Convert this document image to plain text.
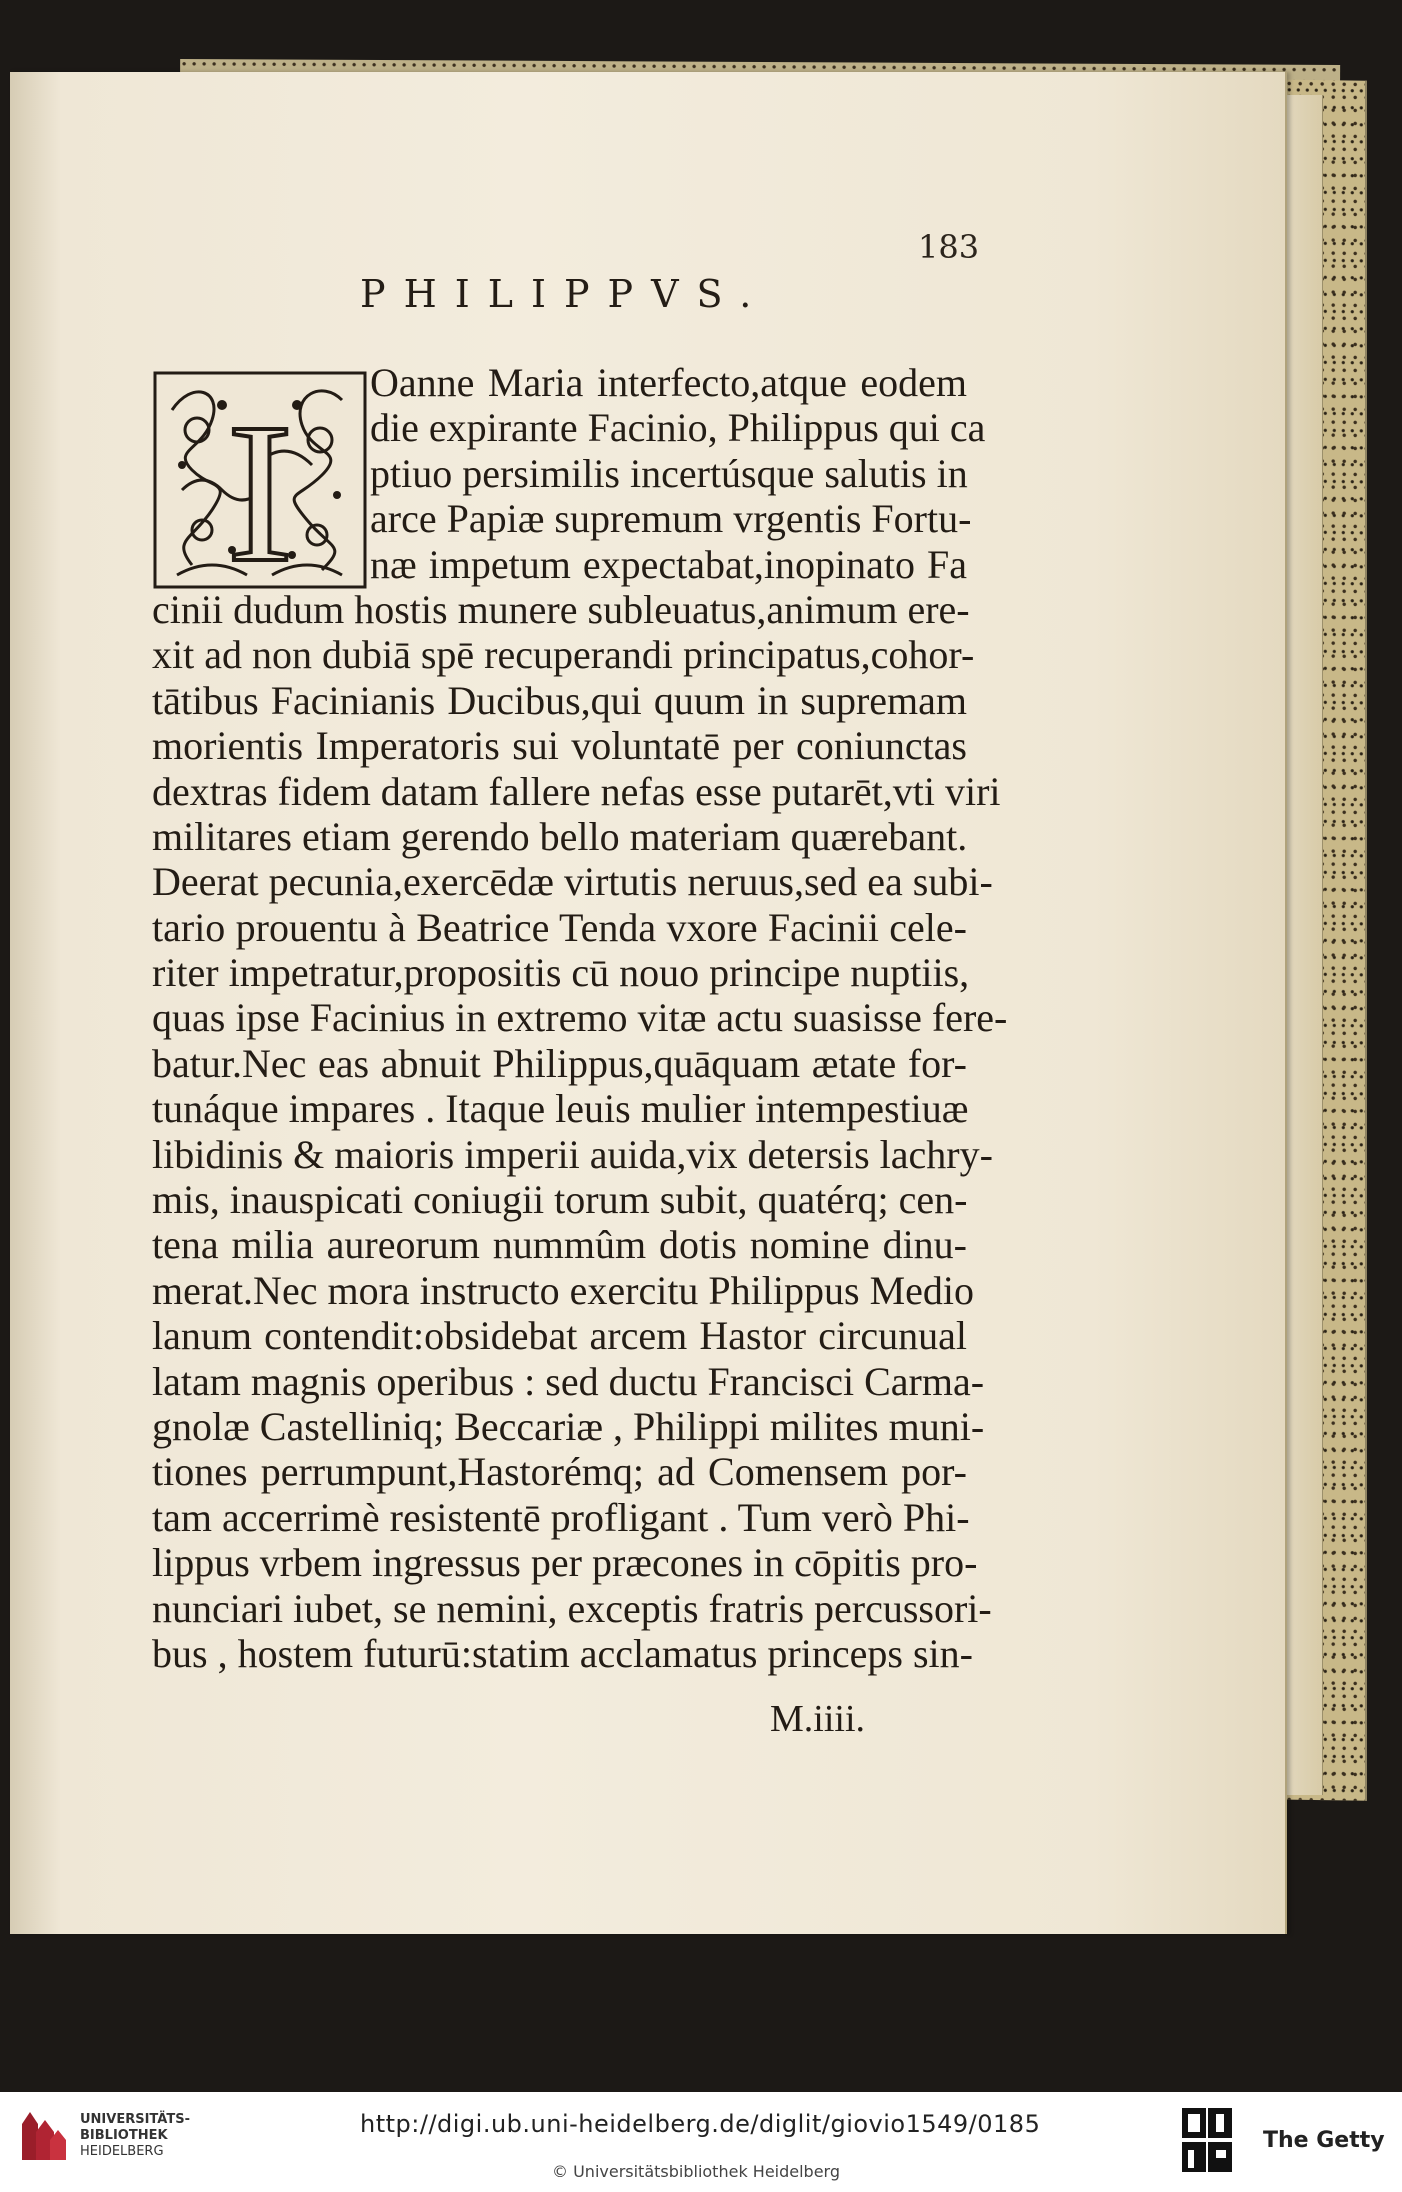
183
PHILIPPVS.
I
Oanne Maria interfecto,atque eodem
die expirante Facinio, Philippus qui ca
ptiuo persimilis incertúsque salutis in
arce Papiæ supremum vrgentis Fortu-
næ impetum expectabat,inopinato Fa
cinii dudum hostis munere subleuatus,animum ere-
xit ad non dubiā spē recuperandi principatus,cohor-
tātibus Facinianis Ducibus,qui quum in supremam
morientis Imperatoris sui voluntatē per coniunctas
dextras fidem datam fallere nefas esse putarēt,vti viri
militares etiam gerendo bello materiam quærebant.
Deerat pecunia,exercēdæ virtutis neruus,sed ea subi-
tario prouentu à Beatrice Tenda vxore Facinii cele-
riter impetratur,propositis cū nouo principe nuptiis,
quas ipse Facinius in extremo vitæ actu suasisse fere-
batur.Nec eas abnuit Philippus,quāquam ætate for-
tunáque impares . Itaque leuis mulier intempestiuæ
libidinis & maioris imperii auida,vix detersis lachry-
mis, inauspicati coniugii torum subit, quatérq; cen-
tena milia aureorum nummûm dotis nomine dinu-
merat.Nec mora instructo exercitu Philippus Medio
lanum contendit:obsidebat arcem Hastor circunual
latam magnis operibus : sed ductu Francisci Carma-
gnolæ Castelliniq; Beccariæ , Philippi milites muni-
tiones perrumpunt,Hastorémq; ad Comensem por-
tam accerrimè resistentē profligant . Tum verò Phi-
lippus vrbem ingressus per præcones in cōpitis pro-
nunciari iubet, se nemini, exceptis fratris percussori-
bus , hostem futurū:statim acclamatus princeps sin-
M.iiii.
UNIVERSITÄTS-
BIBLIOTHEK
HEIDELBERG
http://digi.ub.uni-heidelberg.de/diglit/giovio1549/0185
© Universitätsbibliothek Heidelberg
The Getty
